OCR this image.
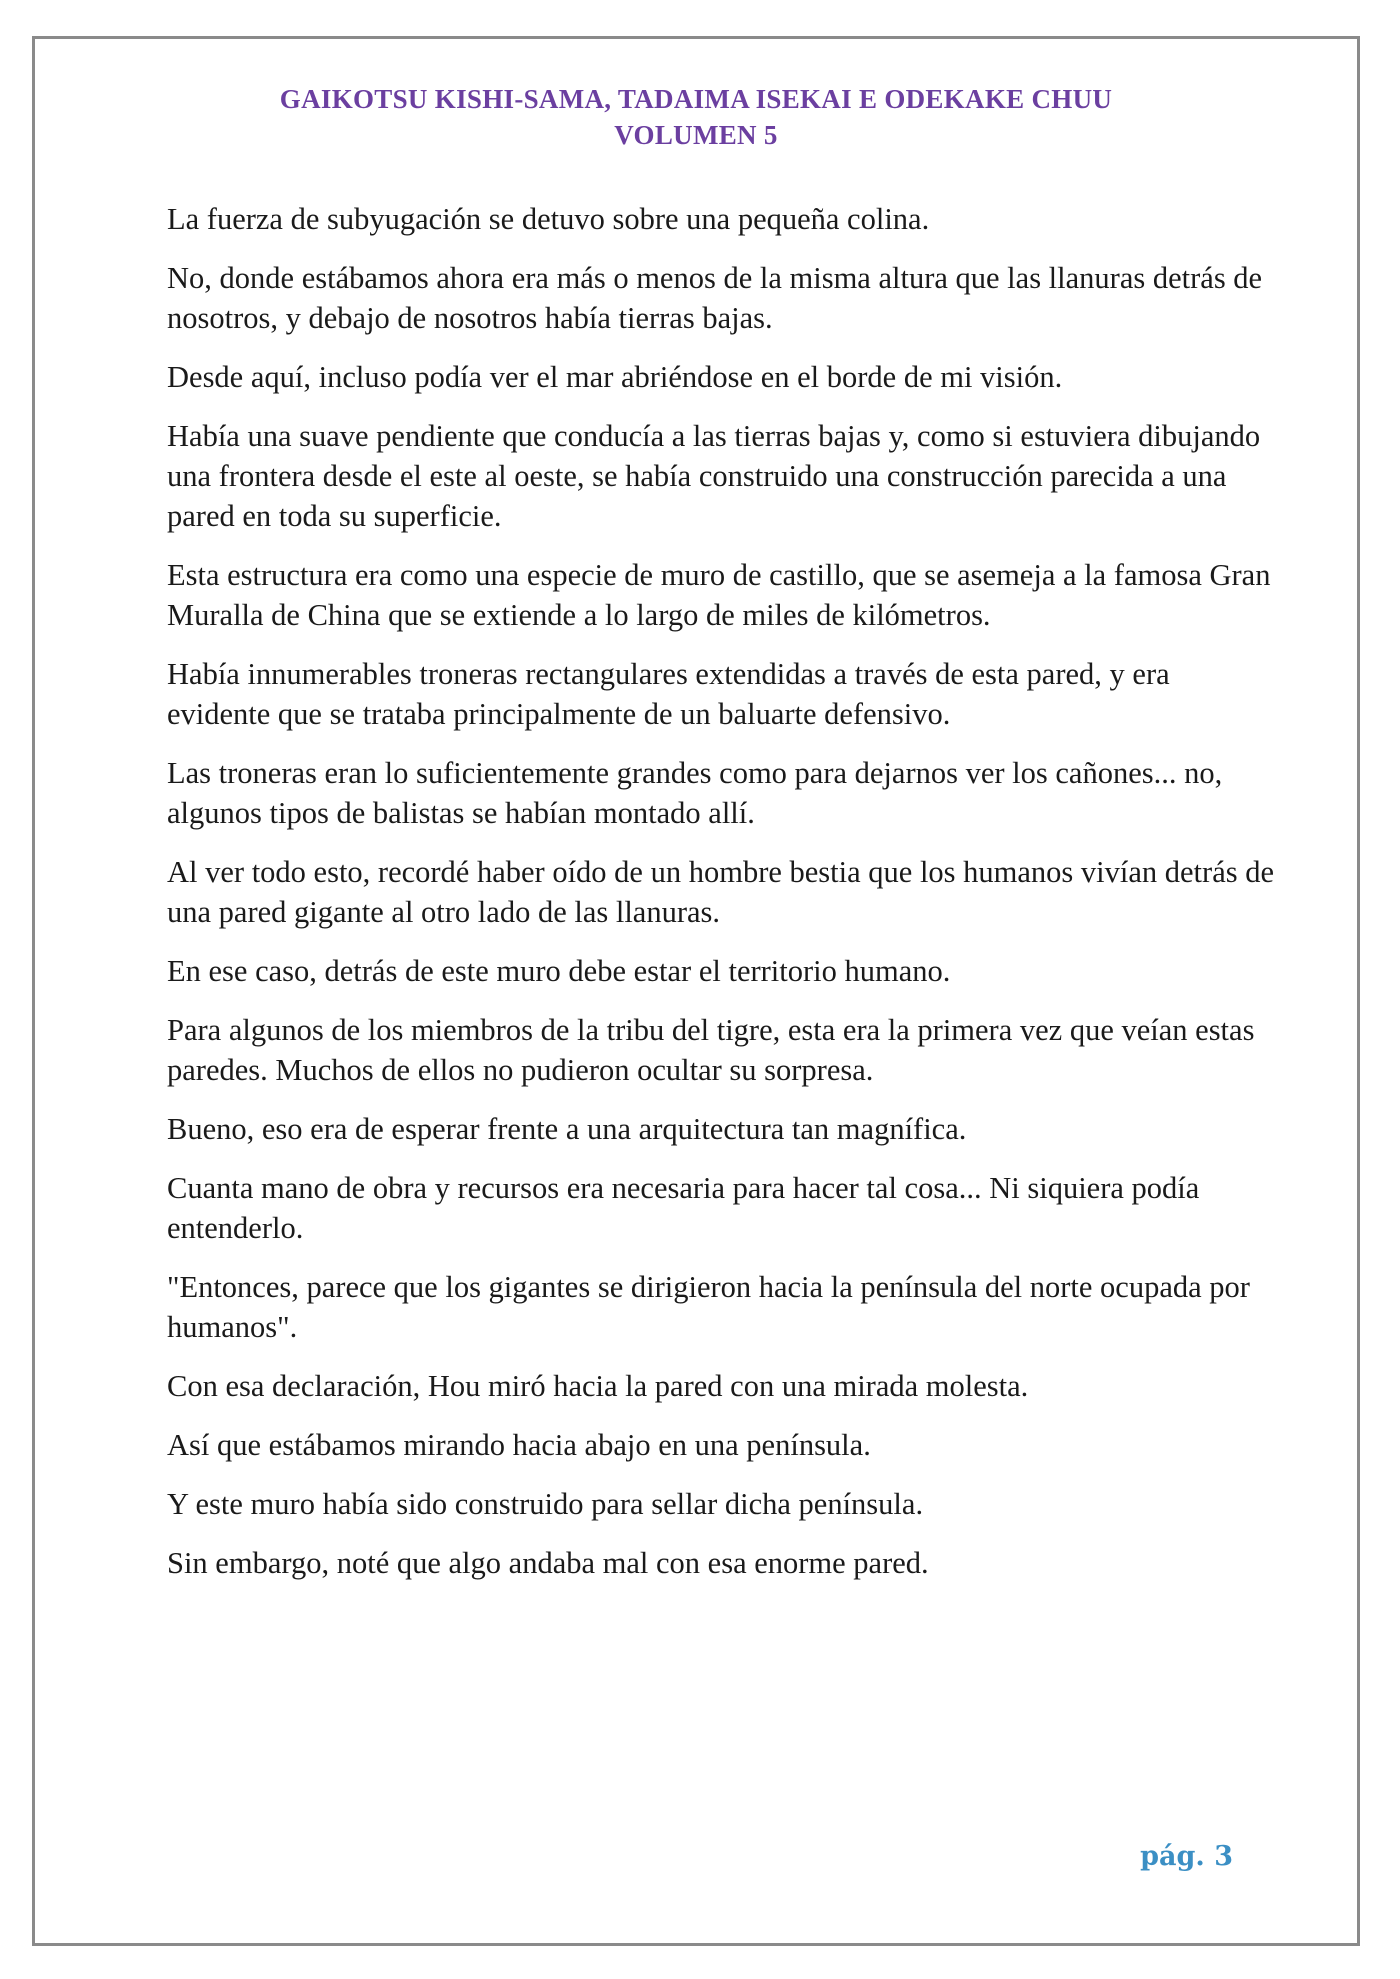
GAIKOTSU KISHI-SAMA, TADAIMA ISEKAI E ODEKAKE CHUU
VOLUMEN 5

La fuerza de subyugación se detuvo sobre una pequeña colina.

No, donde estábamos ahora era más o menos de la misma altura que las llanuras detrás de nosotros, y debajo de nosotros había tierras bajas.

Desde aquí, incluso podía ver el mar abriéndose en el borde de mi visión.

Había una suave pendiente que conducía a las tierras bajas y, como si estuviera dibujando una frontera desde el este al oeste, se había construido una construcción parecida a una pared en toda su superficie.

Esta estructura era como una especie de muro de castillo, que se asemeja a la famosa Gran Muralla de China que se extiende a lo largo de miles de kilómetros.

Había innumerables troneras rectangulares extendidas a través de esta pared, y era evidente que se trataba principalmente de un baluarte defensivo.

Las troneras eran lo suficientemente grandes como para dejarnos ver los cañones... no, algunos tipos de balistas se habían montado allí.

Al ver todo esto, recordé haber oído de un hombre bestia que los humanos vivían detrás de una pared gigante al otro lado de las llanuras.

En ese caso, detrás de este muro debe estar el territorio humano.

Para algunos de los miembros de la tribu del tigre, esta era la primera vez que veían estas paredes. Muchos de ellos no pudieron ocultar su sorpresa.

Bueno, eso era de esperar frente a una arquitectura tan magnífica.

Cuanta mano de obra y recursos era necesaria para hacer tal cosa... Ni siquiera podía entenderlo.

"Entonces, parece que los gigantes se dirigieron hacia la península del norte ocupada por humanos".

Con esa declaración, Hou miró hacia la pared con una mirada molesta.

Así que estábamos mirando hacia abajo en una península.

Y este muro había sido construido para sellar dicha península.

Sin embargo, noté que algo andaba mal con esa enorme pared.

pág. 3
